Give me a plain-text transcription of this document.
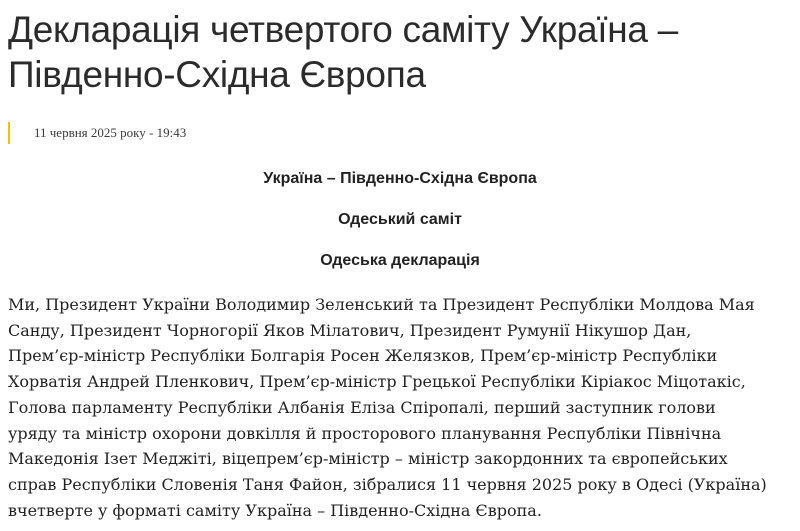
Декларація четвертого саміту Україна – Південно-Східна Європа
11 червня 2025 року - 19:43
Україна – Південно-Східна Європа
Одеський саміт
Одеська декларація

Ми, Президент України Володимир Зеленський та Президент Республіки Молдова Мая
Санду, Президент Чорногорії Яков Мілатович, Президент Румунії Нікушор Дан,
Прем’єр-міністр Республіки Болгарія Росен Желязков, Прем’єр-міністр Республіки
Хорватія Андрей Пленкович, Прем’єр-міністр Грецької Республіки Кіріакос Міцотакіс,
Голова парламенту Республіки Албанія Еліза Спіропалі, перший заступник голови
уряду та міністр охорони довкілля й просторового планування Республіки Північна
Македонія Ізет Меджіті, віцепрем’єр-міністр – міністр закордонних та європейських
справ Республіки Словенія Таня Файон, зібралися 11 червня 2025 року в Одесі (Україна)
вчетверте у форматі саміту Україна – Південно-Східна Європа.
